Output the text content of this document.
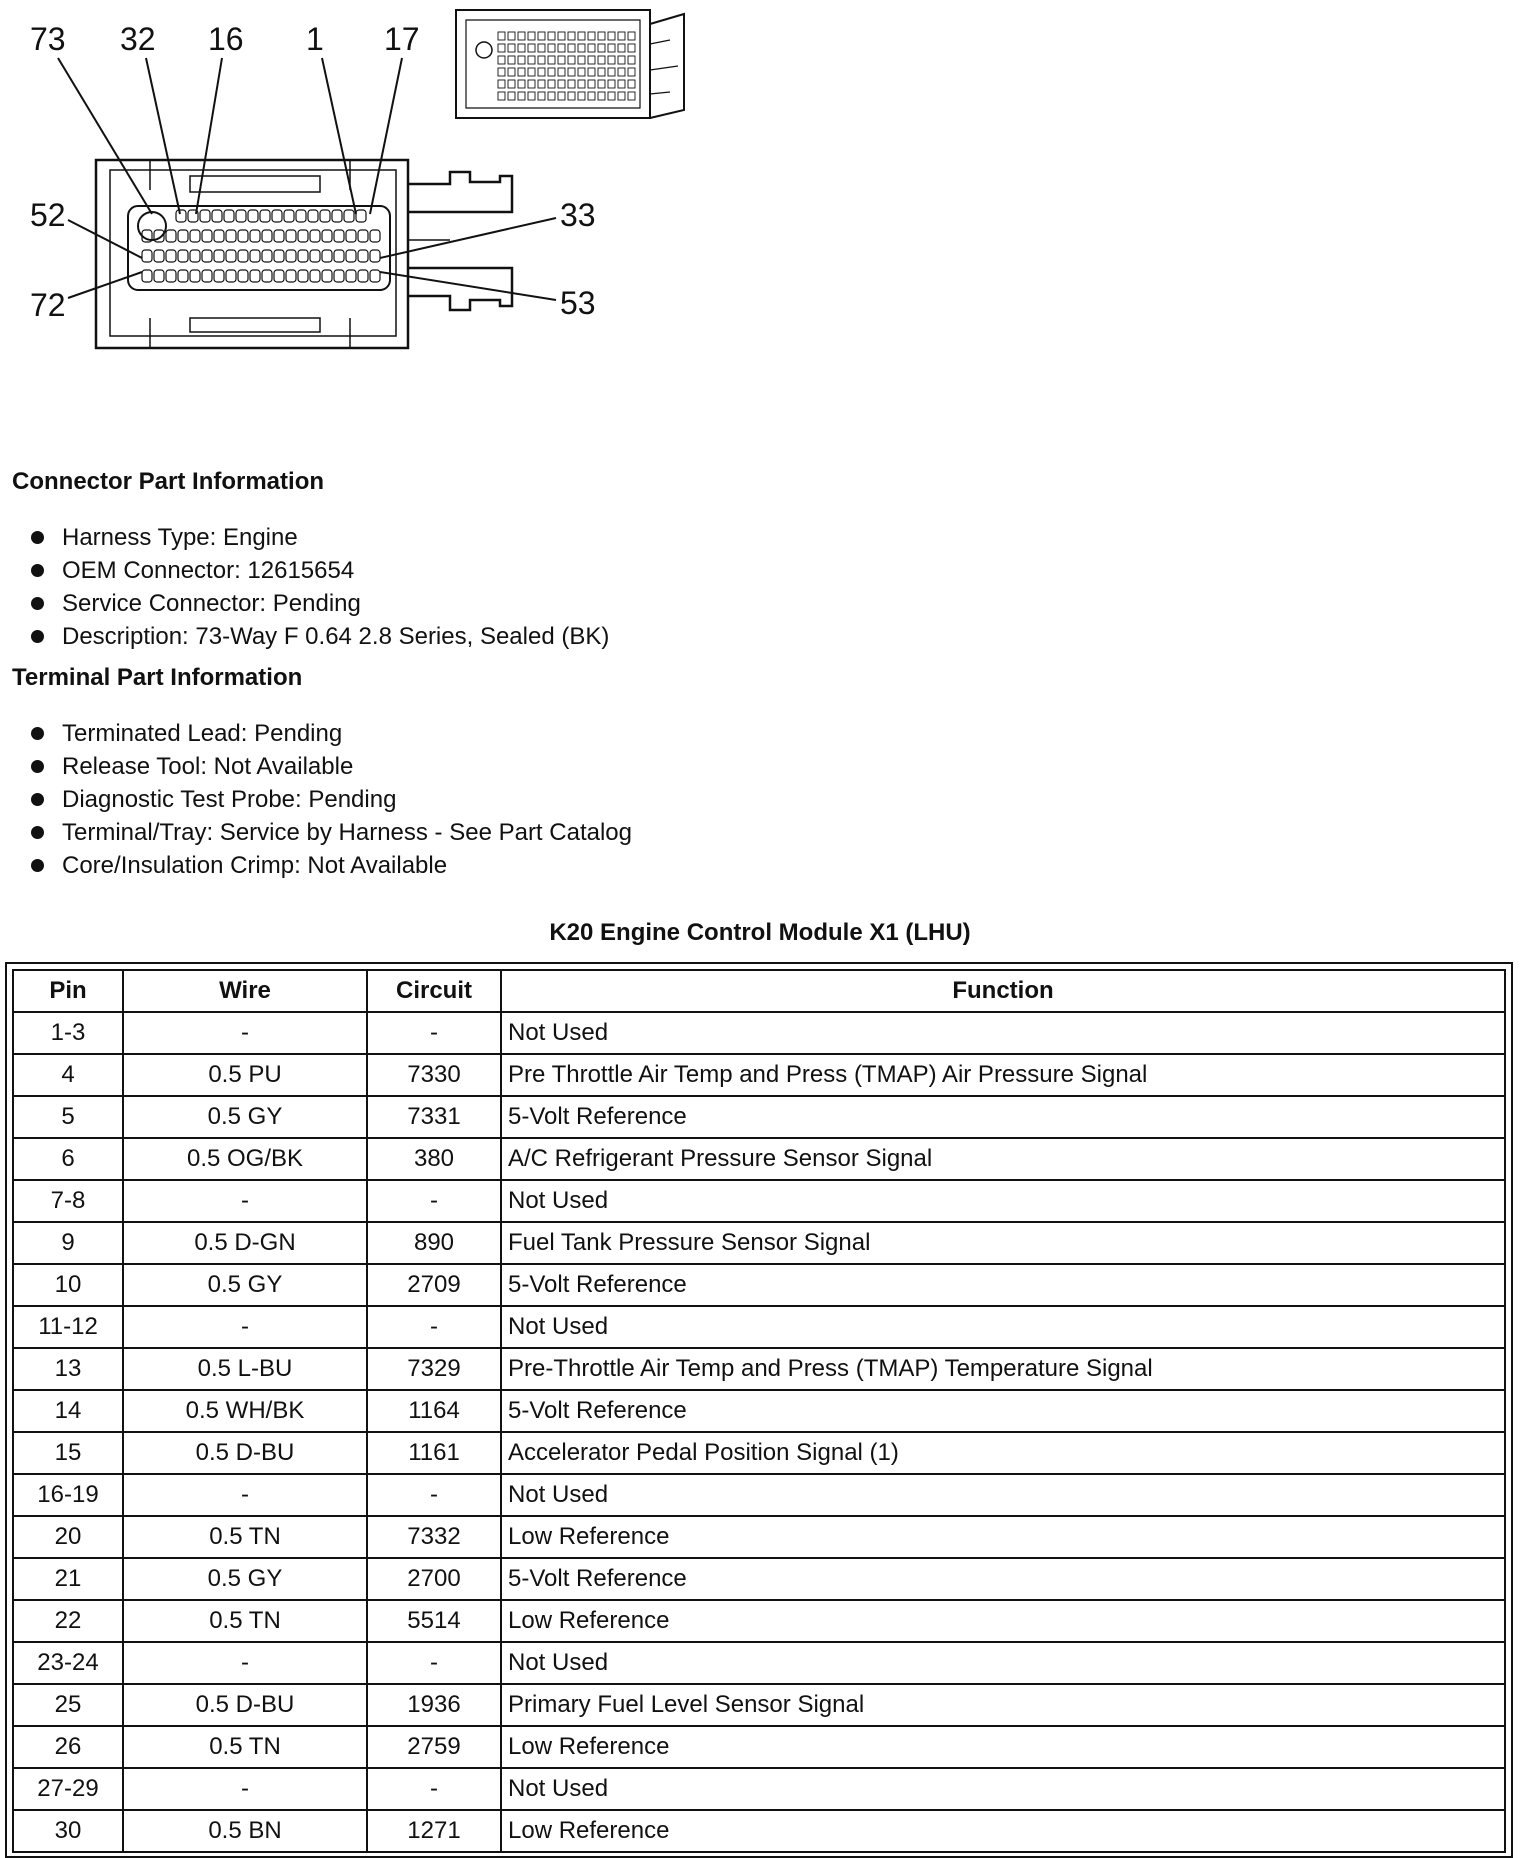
73 32 16 1 17
52
72
33
53
Connector Part Information
Harness Type: Engine
OEM Connector: 12615654
Service Connector: Pending
Description: 73-Way F 0.64 2.8 Series, Sealed (BK)
Terminal Part Information
Terminated Lead: Pending
Release Tool: Not Available
Diagnostic Test Probe: Pending
Terminal/Tray: Service by Harness - See Part Catalog
Core/Insulation Crimp: Not Available
K20 Engine Control Module X1 (LHU)
Pin	Wire	Circuit	Function
1-3	-	-	Not Used
4	0.5 PU	7330	Pre Throttle Air Temp and Press (TMAP) Air Pressure Signal
5	0.5 GY	7331	5-Volt Reference
6	0.5 OG/BK	380	A/C Refrigerant Pressure Sensor Signal
7-8	-	-	Not Used
9	0.5 D-GN	890	Fuel Tank Pressure Sensor Signal
10	0.5 GY	2709	5-Volt Reference
11-12	-	-	Not Used
13	0.5 L-BU	7329	Pre-Throttle Air Temp and Press (TMAP) Temperature Signal
14	0.5 WH/BK	1164	5-Volt Reference
15	0.5 D-BU	1161	Accelerator Pedal Position Signal (1)
16-19	-	-	Not Used
20	0.5 TN	7332	Low Reference
21	0.5 GY	2700	5-Volt Reference
22	0.5 TN	5514	Low Reference
23-24	-	-	Not Used
25	0.5 D-BU	1936	Primary Fuel Level Sensor Signal
26	0.5 TN	2759	Low Reference
27-29	-	-	Not Used
30	0.5 BN	1271	Low Reference
